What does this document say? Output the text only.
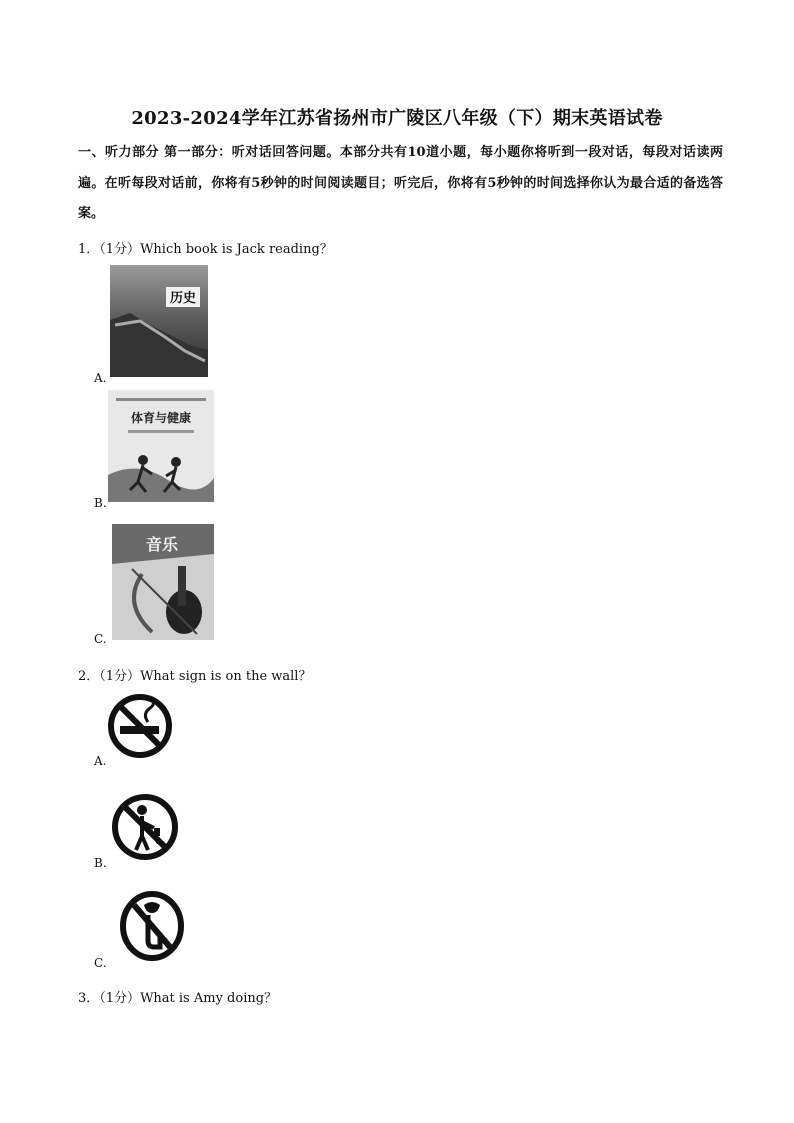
2023-2024学年江苏省扬州市广陵区八年级（下）期末英语试卷
一、听力部分 第一部分：听对话回答问题。本部分共有10道小题，每小题你将听到一段对话，每段对话读两遍。在听每段对话前，你将有5秒钟的时间阅读题目；听完后，你将有5秒钟的时间选择你认为最合适的备选答案。
1．（1分）Which book is Jack reading？
历史
A.
体育与健康
B.
音乐
C.
2．（1分）What sign is on the wall？
A.
B.
C.
3．（1分）What is Amy doing？
